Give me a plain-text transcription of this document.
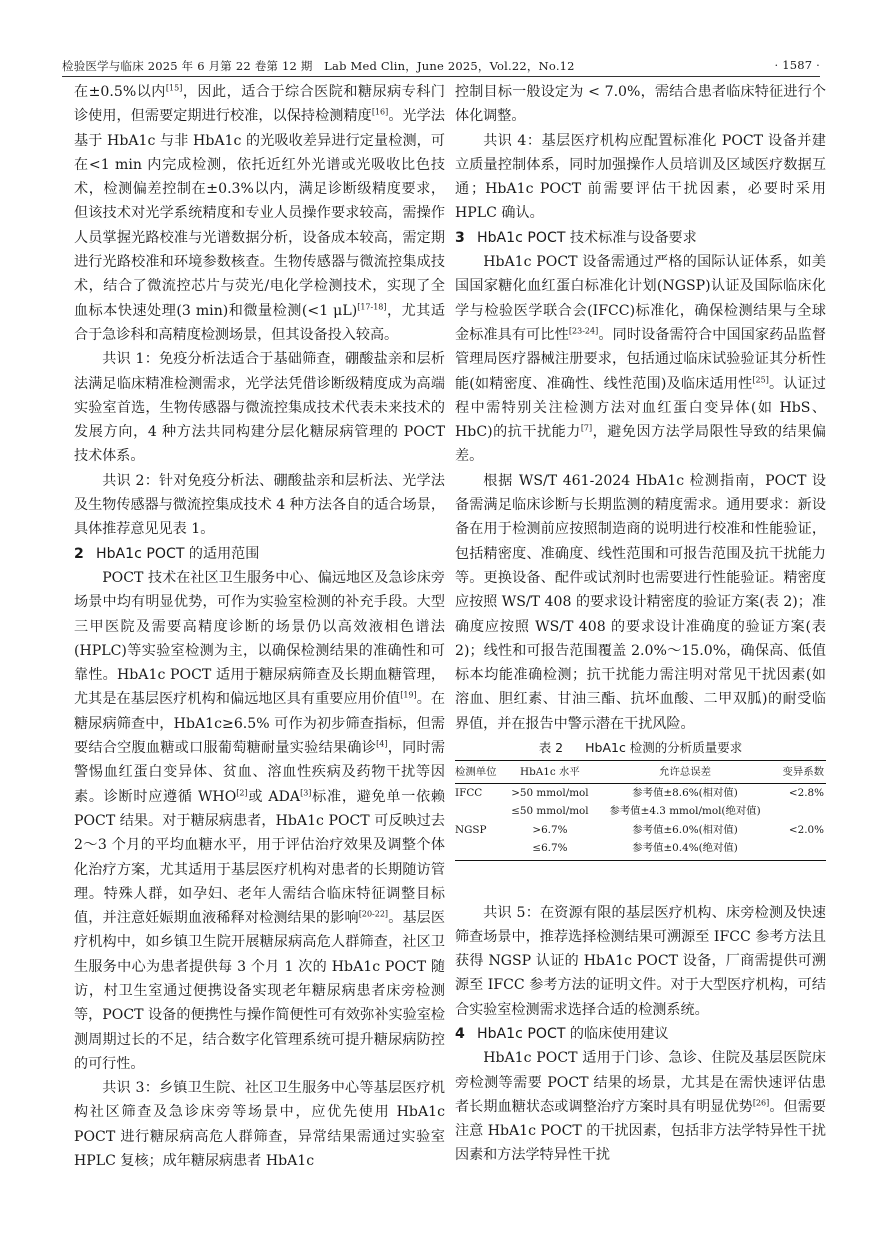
检验医学与临床 2025 年 6 月第 22 卷第 12 期 Lab Med Clin，June 2025，Vol.22，No.12	· 1587 ·

在±0.5%以内[15]，因此，适合于综合医院和糖尿病专科门诊使用，但需要定期进行校准，以保持检测精度[16]。光学法基于 HbA1c 与非 HbA1c 的光吸收差异进行定量检测，可在<1 min 内完成检测，依托近红外光谱或光吸收比色技术，检测偏差控制在±0.3%以内，满足诊断级精度要求，但该技术对光学系统精度和专业人员操作要求较高，需操作人员掌握光路校准与光谱数据分析，设备成本较高，需定期进行光路校准和环境参数核查。生物传感器与微流控集成技术，结合了微流控芯片与荧光/电化学检测技术，实现了全血标本快速处理(3 min)和微量检测(<1 μL)[17-18]，尤其适合于急诊科和高精度检测场景，但其设备投入较高。

共识 1：免疫分析法适合于基础筛查，硼酸盐亲和层析法满足临床精准检测需求，光学法凭借诊断级精度成为高端实验室首选，生物传感器与微流控集成技术代表未来技术的发展方向，4 种方法共同构建分层化糖尿病管理的 POCT 技术体系。

共识 2：针对免疫分析法、硼酸盐亲和层析法、光学法及生物传感器与微流控集成技术 4 种方法各自的适合场景，具体推荐意见见表 1。

2 HbA1c POCT 的适用范围

POCT 技术在社区卫生服务中心、偏远地区及急诊床旁场景中均有明显优势，可作为实验室检测的补充手段。大型三甲医院及需要高精度诊断的场景仍以高效液相色谱法(HPLC)等实验室检测为主，以确保检测结果的准确性和可靠性。HbA1c POCT 适用于糖尿病筛查及长期血糖管理，尤其是在基层医疗机构和偏远地区具有重要应用价值[19]。在糖尿病筛查中，HbA1c≥6.5% 可作为初步筛查指标，但需要结合空腹血糖或口服葡萄糖耐量实验结果确诊[4]，同时需警惕血红蛋白变异体、贫血、溶血性疾病及药物干扰等因素。诊断时应遵循 WHO[2]或 ADA[3]标准，避免单一依赖 POCT 结果。对于糖尿病患者，HbA1c POCT 可反映过去 2～3 个月的平均血糖水平，用于评估治疗效果及调整个体化治疗方案，尤其适用于基层医疗机构对患者的长期随访管理。特殊人群，如孕妇、老年人需结合临床特征调整目标值，并注意妊娠期血液稀释对检测结果的影响[20-22]。基层医疗机构中，如乡镇卫生院开展糖尿病高危人群筛查，社区卫生服务中心为患者提供每 3 个月 1 次的 HbA1c POCT 随访，村卫生室通过便携设备实现老年糖尿病患者床旁检测等，POCT 设备的便携性与操作简便性可有效弥补实验室检测周期过长的不足，结合数字化管理系统可提升糖尿病防控的可行性。

共识 3：乡镇卫生院、社区卫生服务中心等基层医疗机构社区筛查及急诊床旁等场景中，应优先使用 HbA1c POCT 进行糖尿病高危人群筛查，异常结果需通过实验室 HPLC 复核；成年糖尿病患者 HbA1c

控制目标一般设定为 < 7.0%，需结合患者临床特征进行个体化调整。

共识 4：基层医疗机构应配置标准化 POCT 设备并建立质量控制体系，同时加强操作人员培训及区域医疗数据互通；HbA1c POCT 前需要评估干扰因素，必要时采用 HPLC 确认。

3 HbA1c POCT 技术标准与设备要求

HbA1c POCT 设备需通过严格的国际认证体系，如美国国家糖化血红蛋白标准化计划(NGSP)认证及国际临床化学与检验医学联合会(IFCC)标准化，确保检测结果与全球金标准具有可比性[23-24]。同时设备需符合中国国家药品监督管理局医疗器械注册要求，包括通过临床试验验证其分析性能(如精密度、准确性、线性范围)及临床适用性[25]。认证过程中需特别关注检测方法对血红蛋白变异体(如 HbS、HbC)的抗干扰能力[7]，避免因方法学局限性导致的结果偏差。

根据 WS/T 461-2024 HbA1c 检测指南，POCT 设备需满足临床诊断与长期监测的精度需求。通用要求：新设备在用于检测前应按照制造商的说明进行校准和性能验证，包括精密度、准确度、线性范围和可报告范围及抗干扰能力等。更换设备、配件或试剂时也需要进行性能验证。精密度应按照 WS/T 408 的要求设计精密度的验证方案(表 2)；准确度应按照 WS/T 408 的要求设计准确度的验证方案(表 2)；线性和可报告范围覆盖 2.0%～15.0%，确保高、低值标本均能准确检测；抗干扰能力需注明对常见干扰因素(如溶血、胆红素、甘油三酯、抗坏血酸、二甲双胍)的耐受临界值，并在报告中警示潜在干扰风险。

表 2 HbA1c 检测的分析质量要求
检测单位	HbA1c 水平	允许总误差	变异系数
IFCC	>50 mmol/mol	参考值±8.6%(相对值)	<2.8%
	≤50 mmol/mol	参考值±4.3 mmol/mol(绝对值)	
NGSP	>6.7%	参考值±6.0%(相对值)	<2.0%
	≤6.7%	参考值±0.4%(绝对值)	

共识 5：在资源有限的基层医疗机构、床旁检测及快速筛查场景中，推荐选择检测结果可溯源至 IFCC 参考方法且获得 NGSP 认证的 HbA1c POCT 设备，厂商需提供可溯源至 IFCC 参考方法的证明文件。对于大型医疗机构，可结合实验室检测需求选择合适的检测系统。

4 HbA1c POCT 的临床使用建议

HbA1c POCT 适用于门诊、急诊、住院及基层医院床旁检测等需要 POCT 结果的场景，尤其是在需快速评估患者长期血糖状态或调整治疗方案时具有明显优势[26]。但需要注意 HbA1c POCT 的干扰因素，包括非方法学特异性干扰因素和方法学特异性干扰
